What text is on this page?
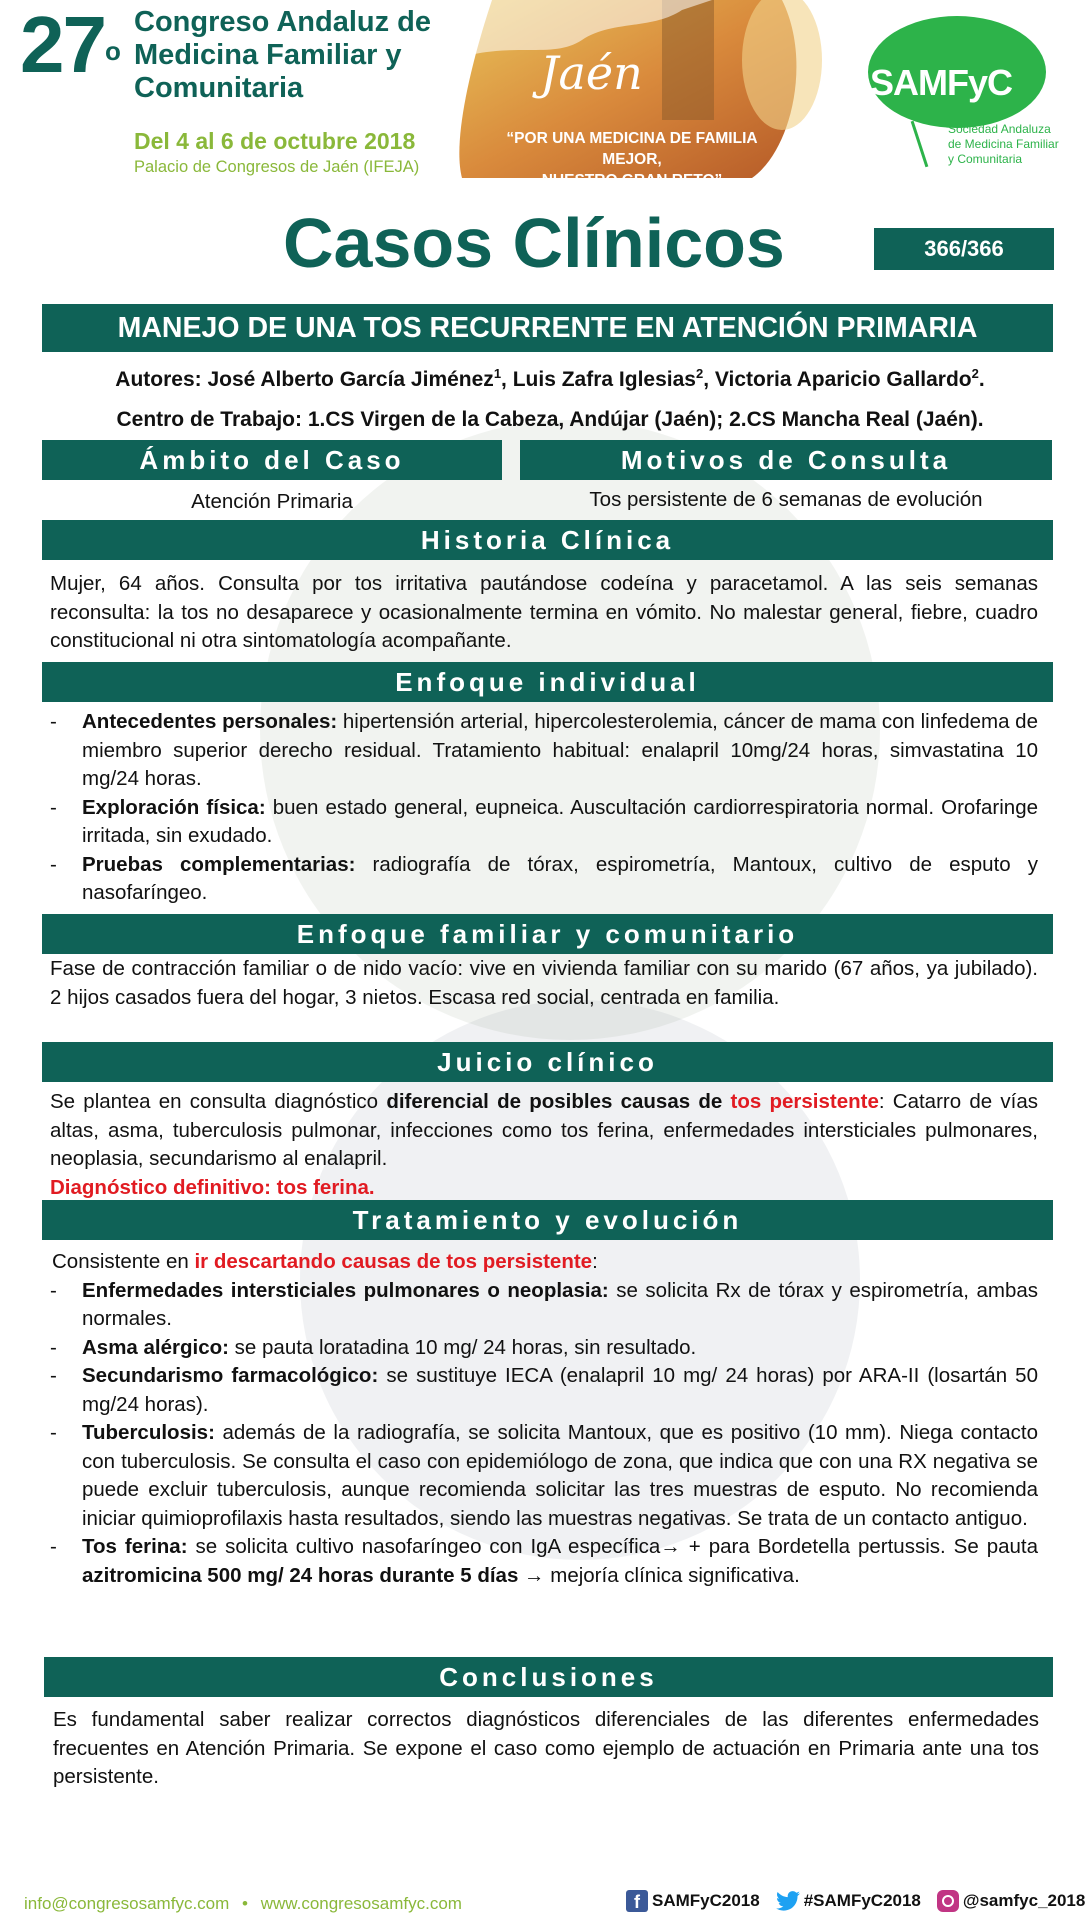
27$^o$
Congreso Andaluz de
Medicina Familiar y
Comunitaria
Del 4 al 6 de octubre 2018
Palacio de Congresos de Jaén (IFEJA)
Jaén
“POR UNA MEDICINA DE FAMILIA MEJOR,
NUESTRO GRAN RETO”
SAMFyC
Sociedad Andaluza
de Medicina Familiar
y Comunitaria
Casos Clínicos	366/366
MANEJO DE UNA TOS RECURRENTE EN ATENCIÓN PRIMARIA
Autores: José Alberto García Jiménez$^1$, Luis Zafra Iglesias$^2$, Victoria Aparicio Gallardo$^2$.
Centro de Trabajo: 1.CS Virgen de la Cabeza, Andújar (Jaén); 2.CS Mancha Real (Jaén).
Ámbito del Caso	Motivos de Consulta
Atención Primaria	Tos persistente de 6 semanas de evolución
Historia Clínica
Mujer, 64 años. Consulta por tos irritativa pautándose codeína y paracetamol. A las seis semanas reconsulta: la tos no desaparece y ocasionalmente termina en vómito. No malestar general, fiebre, cuadro constitucional ni otra sintomatología acompañante.
Enfoque individual
- Antecedentes personales: hipertensión arterial, hipercolesterolemia, cáncer de mama con linfedema de miembro superior derecho residual. Tratamiento habitual: enalapril 10mg/24 horas, simvastatina 10 mg/24 horas.
- Exploración física: buen estado general, eupneica. Auscultación cardiorrespiratoria normal. Orofaringe irritada, sin exudado.
- Pruebas complementarias: radiografía de tórax, espirometría, Mantoux, cultivo de esputo y nasofaríngeo.
Enfoque familiar y comunitario
Fase de contracción familiar o de nido vacío: vive en vivienda familiar con su marido (67 años, ya jubilado). 2 hijos casados fuera del hogar, 3 nietos. Escasa red social, centrada en familia.
Juicio clínico
Se plantea en consulta diagnóstico diferencial de posibles causas de tos persistente: Catarro de vías altas, asma, tuberculosis pulmonar, infecciones como tos ferina, enfermedades intersticiales pulmonares, neoplasia, secundarismo al enalapril.
Diagnóstico definitivo: tos ferina.
Tratamiento y evolución
Consistente en ir descartando causas de tos persistente:
- Enfermedades intersticiales pulmonares o neoplasia: se solicita Rx de tórax y espirometría, ambas normales.
- Asma alérgico: se pauta loratadina 10 mg/ 24 horas, sin resultado.
- Secundarismo farmacológico: se sustituye IECA (enalapril 10 mg/ 24 horas) por ARA-II (losartán 50 mg/24 horas).
- Tuberculosis: además de la radiografía, se solicita Mantoux, que es positivo (10 mm). Niega contacto con tuberculosis. Se consulta el caso con epidemiólogo de zona, que indica que con una RX negativa se puede excluir tuberculosis, aunque recomienda solicitar las tres muestras de esputo. No recomienda iniciar quimioprofilaxis hasta resultados, siendo las muestras negativas. Se trata de un contacto antiguo.
- Tos ferina: se solicita cultivo nasofaríngeo con IgA específica→ + para Bordetella pertussis. Se pauta azitromicina 500 mg/ 24 horas durante 5 días → mejoría clínica significativa.
Conclusiones
Es fundamental saber realizar correctos diagnósticos diferenciales de las diferentes enfermedades frecuentes en Atención Primaria. Se expone el caso como ejemplo de actuación en Primaria ante una tos persistente.
info@congresosamfyc.com • www.congresosamfyc.com	f SAMFyC2018	#SAMFyC2018 @samfyc_2018
